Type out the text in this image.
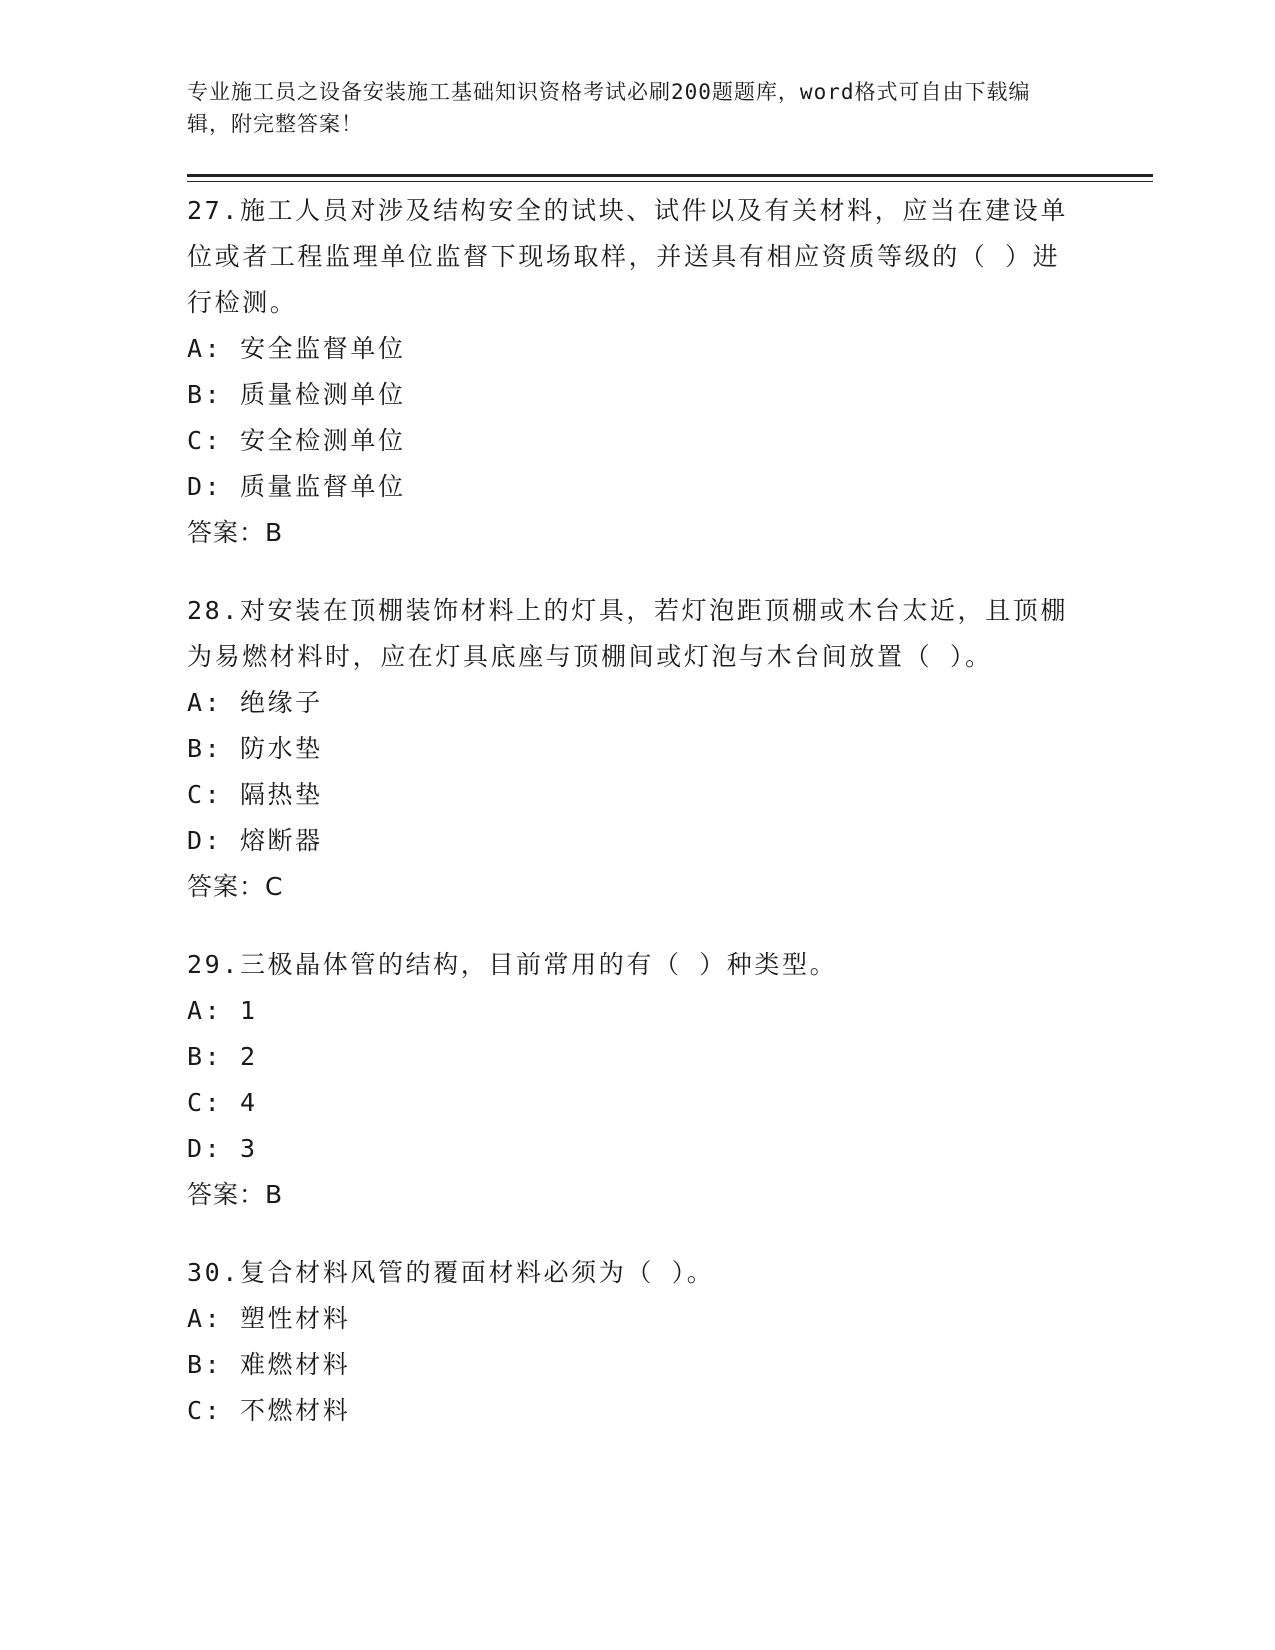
专业施工员之设备安装施工基础知识资格考试必刷200题题库，word格式可自由下载编辑，附完整答案！

27.施工人员对涉及结构安全的试块、试件以及有关材料，应当在建设单位或者工程监理单位监督下现场取样，并送具有相应资质等级的（ ）进行检测。

A: 安全监督单位

B: 质量检测单位

C: 安全检测单位

D: 质量监督单位

答案：B

28.对安装在顶棚装饰材料上的灯具，若灯泡距顶棚或木台太近，且顶棚为易燃材料时，应在灯具底座与顶棚间或灯泡与木台间放置（ ）。

A: 绝缘子

B: 防水垫

C: 隔热垫

D: 熔断器

答案：C

29.三极晶体管的结构，目前常用的有（ ）种类型。

A: 1

B: 2

C: 4

D: 3

答案：B

30.复合材料风管的覆面材料必须为（ ）。

A: 塑性材料

B: 难燃材料

C: 不燃材料
